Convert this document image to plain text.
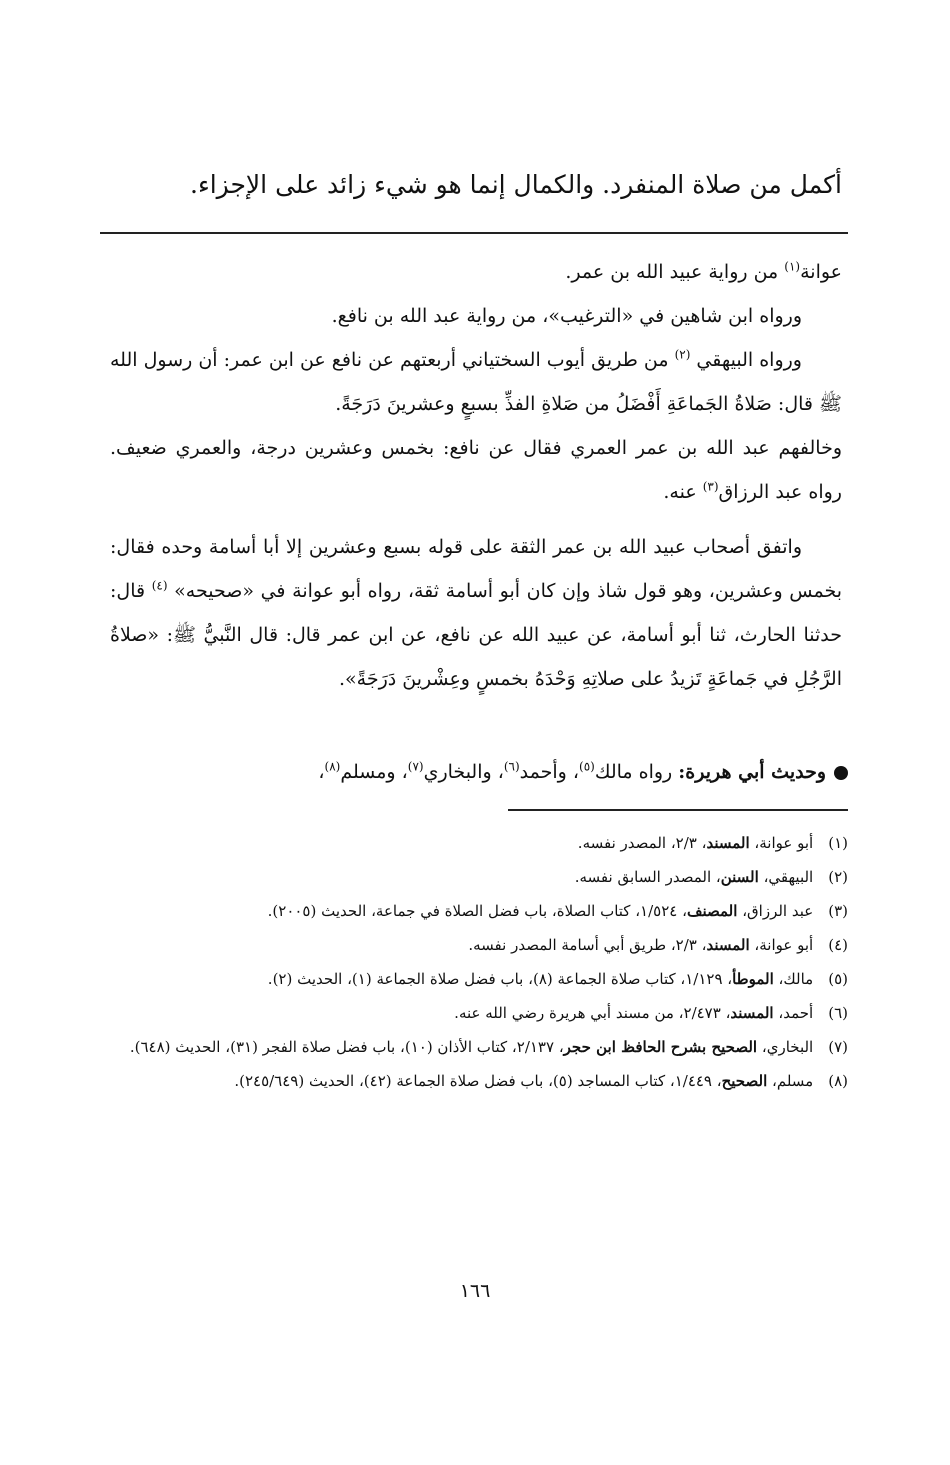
أكمل من صلاة المنفرد. والكمال إنما هو شيء زائد على الإجزاء.

عوانة$^{(١)}$ من رواية عبيد الله بن عمر.

ورواه ابن شاهين في «الترغيب»، من رواية عبد الله بن نافع.

ورواه البيهقي $^{(٢)}$ من طريق أيوب السختياني أربعتهم عن نافع عن ابن عمر: أن رسول الله ﷺ قال: صَلاةُ الجَماعَةِ أَفْضَلُ من صَلاةِ الفذِّ بسبعٍ وعشرينَ دَرَجَةً.

وخالفهم عبد الله بن عمر العمري فقال عن نافع: بخمس وعشرين درجة، والعمري ضعيف. رواه عبد الرزاق$^{(٣)}$ عنه.

واتفق أصحاب عبيد الله بن عمر الثقة على قوله بسبع وعشرين إلا أبا أسامة وحده فقال: بخمس وعشرين، وهو قول شاذ وإن كان أبو أسامة ثقة، رواه أبو عوانة في «صحيحه» $^{(٤)}$ قال: حدثنا الحارث، ثنا أبو أسامة، عن عبيد الله عن نافع، عن ابن عمر قال: قال النَّبيُّ ﷺ: «صلاةُ الرَّجُلِ في جَماعَةٍ تَزيدُ على صلاتِهِ وَحْدَهُ بخمسٍ وعِشْرينَ دَرَجَةً».

وحديث أبي هريرة: رواه مالك$^{(٥)}$، وأحمد$^{(٦)}$، والبخاري$^{(٧)}$، ومسلم$^{(٨)}$،

(١) أبو عوانة، المسند، ٢/٣، المصدر نفسه.

(٢) البيهقي، السنن، المصدر السابق نفسه.

(٣) عبد الرزاق، المصنف، ١/٥٢٤، كتاب الصلاة، باب فضل الصلاة في جماعة، الحديث (٢٠٠٥).

(٤) أبو عوانة، المسند، ٢/٣، طريق أبي أسامة المصدر نفسه.

(٥) مالك، الموطأ، ١/١٢٩، كتاب صلاة الجماعة (٨)، باب فضل صلاة الجماعة (١)، الحديث (٢).

(٦) أحمد، المسند، ٢/٤٧٣، من مسند أبي هريرة رضي الله عنه.

(٧) البخاري، الصحيح بشرح الحافظ ابن حجر، ٢/١٣٧، كتاب الأذان (١٠)، باب فضل صلاة الفجر (٣١)، الحديث (٦٤٨).

(٨) مسلم، الصحيح، ١/٤٤٩، كتاب المساجد (٥)، باب فضل صلاة الجماعة (٤٢)، الحديث (٢٤٥/٦٤٩).

١٦٦
